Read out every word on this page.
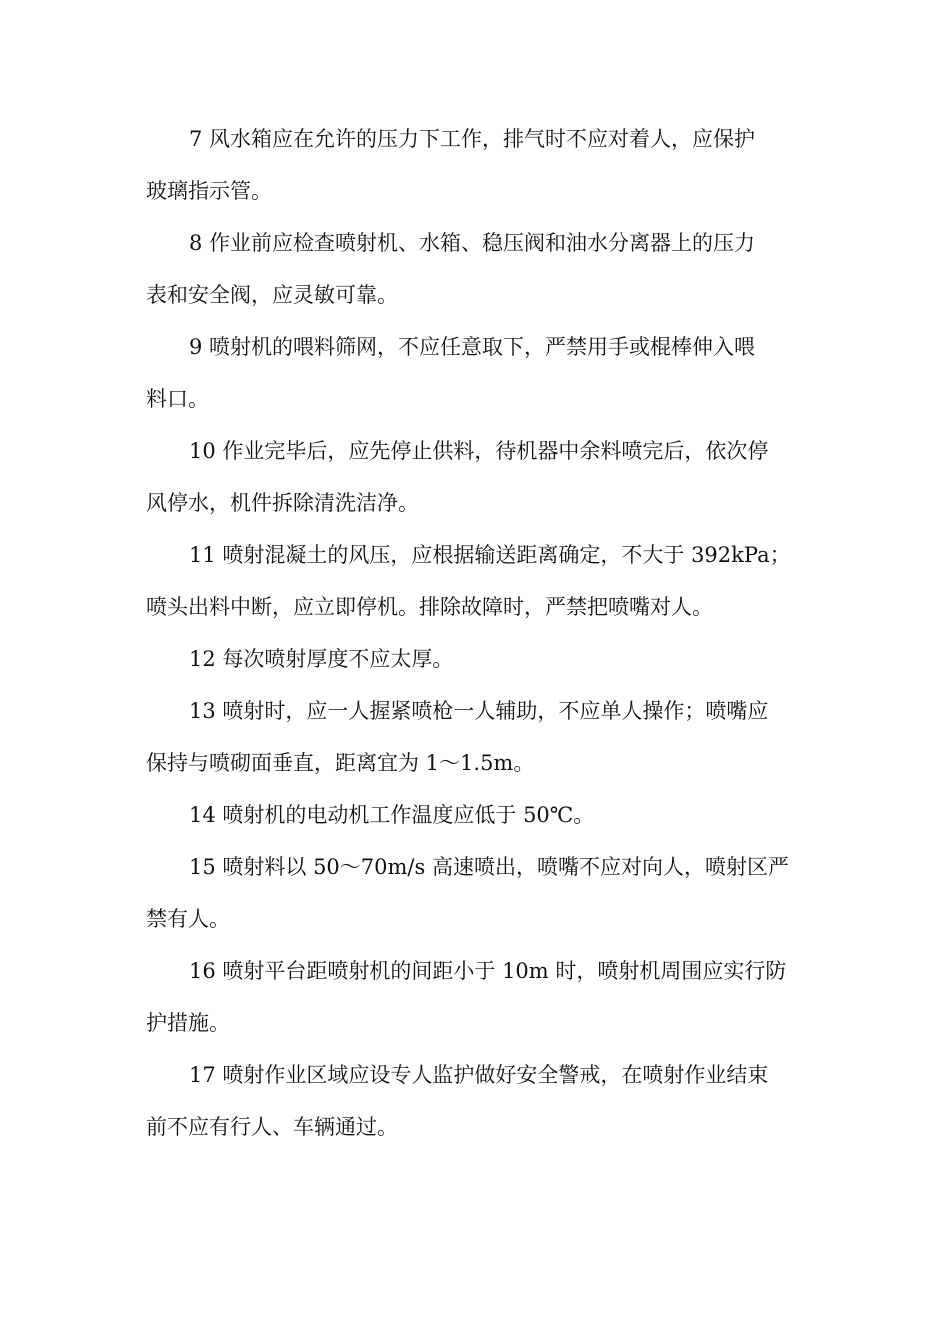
7 风水箱应在允许的压力下工作，排气时不应对着人，应保护
玻璃指示管。

8 作业前应检查喷射机、水箱、稳压阀和油水分离器上的压力
表和安全阀，应灵敏可靠。

9 喷射机的喂料筛网，不应任意取下，严禁用手或棍棒伸入喂
料口。

10 作业完毕后，应先停止供料，待机器中余料喷完后，依次停
风停水，机件拆除清洗洁净。

11 喷射混凝土的风压，应根据输送距离确定，不大于 392kPa；
喷头出料中断，应立即停机。排除故障时，严禁把喷嘴对人。

12 每次喷射厚度不应太厚。

13 喷射时，应一人握紧喷枪一人辅助，不应单人操作；喷嘴应
保持与喷砌面垂直，距离宜为 1～1.5m。

14 喷射机的电动机工作温度应低于 50℃。

15 喷射料以 50～70m/s 高速喷出，喷嘴不应对向人，喷射区严
禁有人。

16 喷射平台距喷射机的间距小于 10m 时，喷射机周围应实行防
护措施。

17 喷射作业区域应设专人监护做好安全警戒，在喷射作业结束
前不应有行人、车辆通过。
